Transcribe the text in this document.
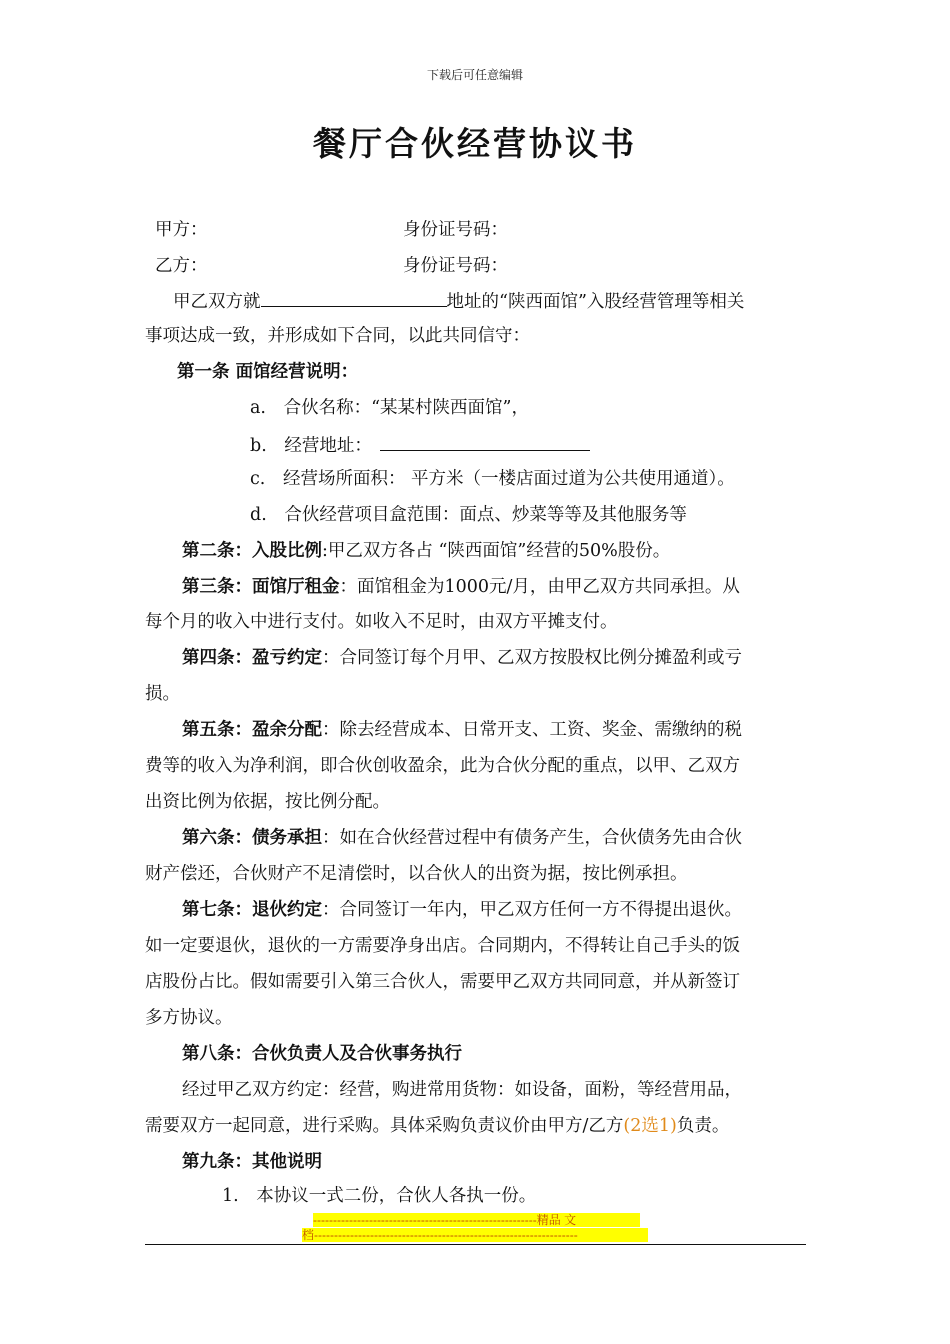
下载后可任意编辑
餐厅合伙经营协议书
甲方：	身份证号码：
乙方：	身份证号码：
甲乙双方就	地址的“陕西面馆”入股经营管理等相关
事项达成一致，并形成如下合同，以此共同信守：
第一条 面馆经营说明：
a. 合伙名称：“某某村陕西面馆”，
b. 经营地址：
c. 经营场所面积： 平方米（一楼店面过道为公共使用通道）。
d. 合伙经营项目盒范围：面点、炒菜等等及其他服务等
第二条：入股比例:甲乙双方各占 “陕西面馆”经营的50%股份。
第三条：面馆厅租金：面馆租金为1000元/月，由甲乙双方共同承担。从
每个月的收入中进行支付。如收入不足时，由双方平摊支付。
第四条：盈亏约定：合同签订每个月甲、乙双方按股权比例分摊盈利或亏
损。
第五条：盈余分配：除去经营成本、日常开支、工资、奖金、需缴纳的税
费等的收入为净利润，即合伙创收盈余，此为合伙分配的重点，以甲、乙双方
出资比例为依据，按比例分配。
第六条：债务承担：如在合伙经营过程中有债务产生，合伙债务先由合伙
财产偿还，合伙财产不足清偿时，以合伙人的出资为据，按比例承担。
第七条：退伙约定：合同签订一年内，甲乙双方任何一方不得提出退伙。
如一定要退伙，退伙的一方需要净身出店。合同期内，不得转让自己手头的饭
店股份占比。假如需要引入第三合伙人，需要甲乙双方共同同意，并从新签订
多方协议。
第八条：合伙负责人及合伙事务执行
经过甲乙双方约定：经营，购进常用货物：如设备，面粉，等经营用品，
需要双方一起同意，进行采购。具体采购负责议价由甲方/乙方(2选1)负责。
第九条：其他说明
1. 本协议一式二份，合伙人各执一份。
--------------------------------------------------------精品 文
档------------------------------------------------------------------
